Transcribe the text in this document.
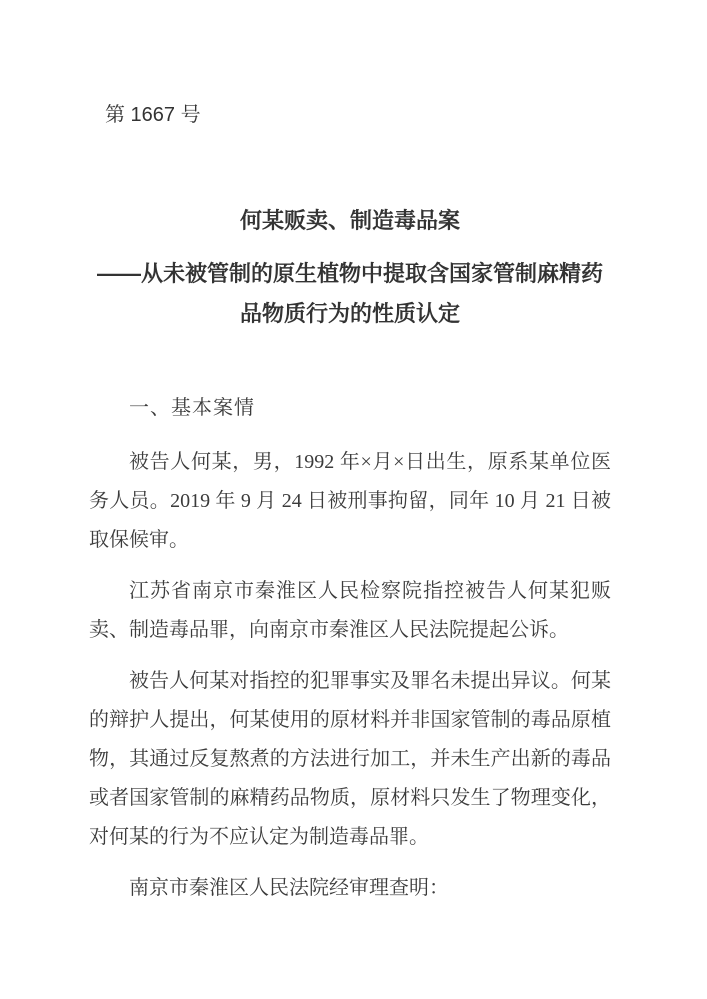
第 1667 号
何某贩卖、制造毒品案
——从未被管制的原生植物中提取含国家管制麻精药品物质行为的性质认定
一、基本案情

被告人何某，男，1992 年×月×日出生，原系某单位医务人员。2019 年 9 月 24 日被刑事拘留，同年 10 月 21 日被取保候审。

江苏省南京市秦淮区人民检察院指控被告人何某犯贩卖、制造毒品罪，向南京市秦淮区人民法院提起公诉。

被告人何某对指控的犯罪事实及罪名未提出异议。何某的辩护人提出，何某使用的原材料并非国家管制的毒品原植物，其通过反复熬煮的方法进行加工，并未生产出新的毒品或者国家管制的麻精药品物质，原材料只发生了物理变化，对何某的行为不应认定为制造毒品罪。

南京市秦淮区人民法院经审理查明：
